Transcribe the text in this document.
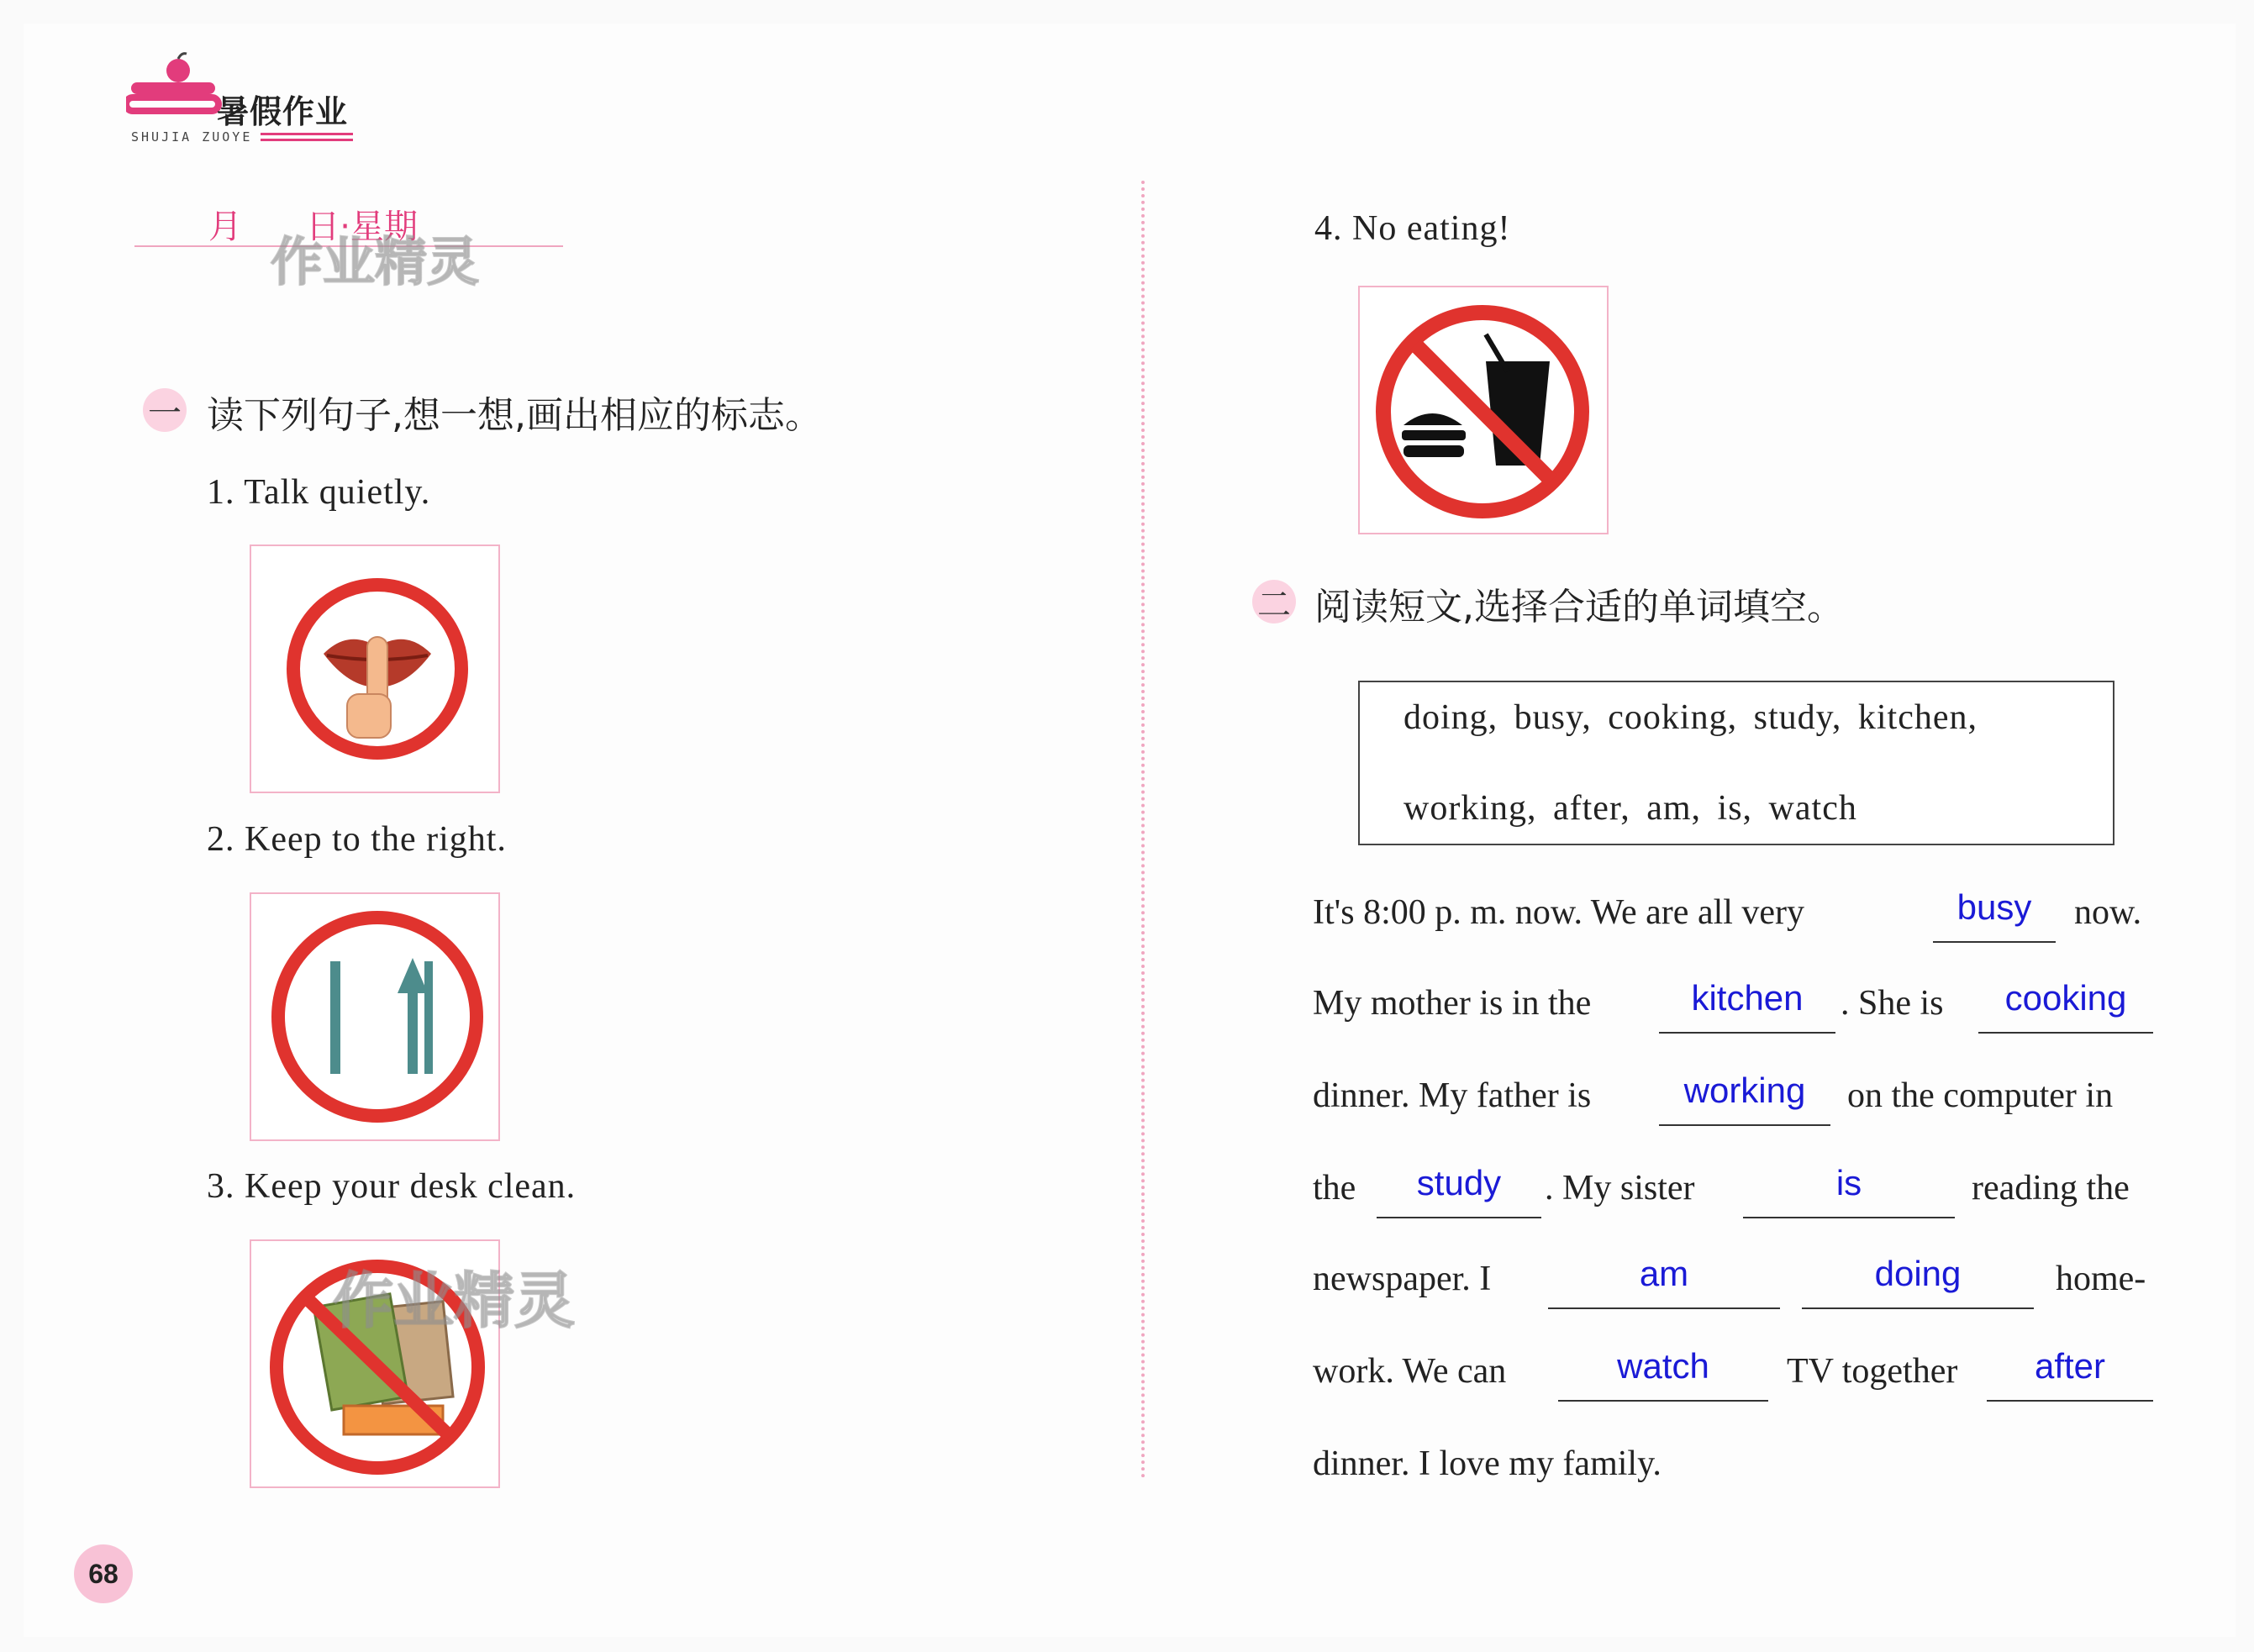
暑假作业
SHUJIA ZUOYE
月      日·星期
作业精灵
一 读下列句子,想一想,画出相应的标志。
1. Talk quietly.
2. Keep to the right.
3. Keep your desk clean.
作业精灵
4. No eating!
二 阅读短文,选择合适的单词填空。
doing, busy, cooking, study, kitchen,
working, after, am, is, watch
It's 8:00 p. m. now. We are all very	busy	now.
My mother is in the	kitchen	. She is	cooking
dinner. My father is	working	on the computer in
the	study	. My sister	is	reading the
newspaper. I	am	doing	home-
work. We can	watch	TV together	after
dinner. I love my family.
68
